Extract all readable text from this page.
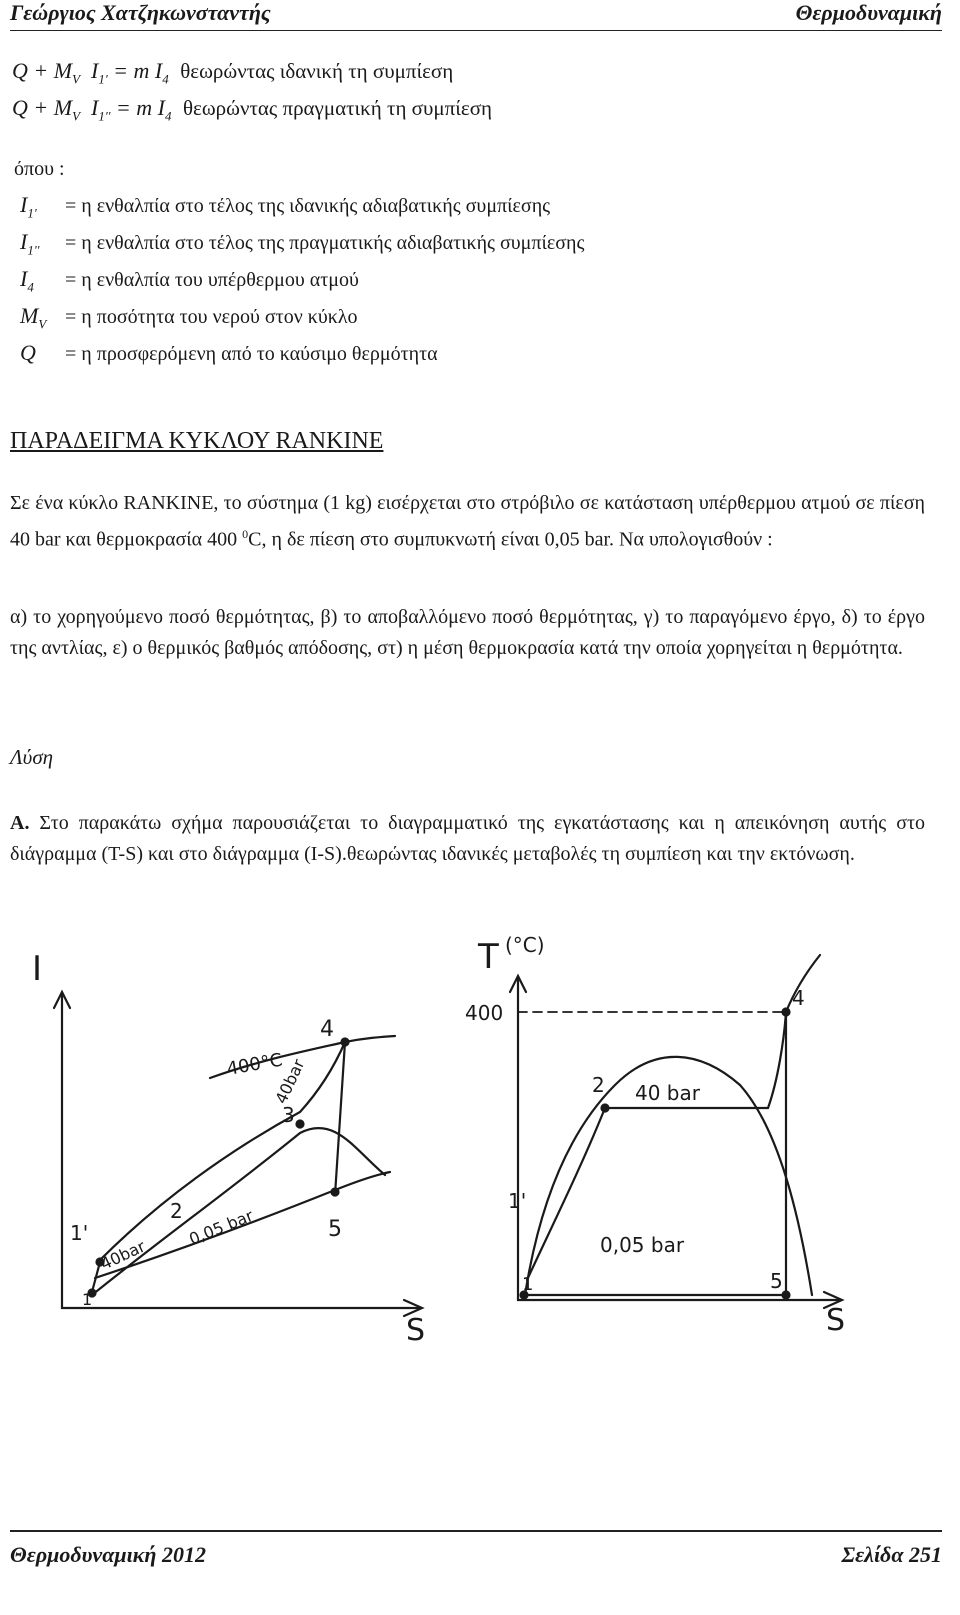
Γεώργιος Χατζηκωνσταντής	Θερμοδυναμική
$Q + M_V$ $I_{1'} = m$ $I_4$ θεωρώντας ιδανική τη συμπίεση
$Q + M_V$ $I_{1''} = m$ $I_4$ θεωρώντας πραγματική τη συμπίεση
όπου :
$I_{1'} = \eta$ ενθαλπία στο τέλος της ιδανικής αδιαβατικής συμπίεσης
$I_{1''} = \eta$ ενθαλπία στο τέλος της πραγματικής αδιαβατικής συμπίεσης
$I_4 = \eta$ ενθαλπία του υπέρθερμου ατμού
$M_V = \eta$ ποσότητα του νερού στον κύκλο
Q = η προσφερόμενη από το καύσιμο θερμότητα
ΠΑΡΑΔΕΙΓΜΑ ΚΥΚΛΟΥ RANKINE
Σε ένα κύκλο RANKINE, το σύστημα (1 kg) εισέρχεται στο στρόβιλο σε κατάσταση υπέρθερμου ατμού σε πίεση 40 bar και θερμοκρασία 400 $^0$C, η δε πίεση στο συμπυκνωτή είναι 0,05 bar. Να υπολογισθούν :
α) το χορηγούμενο ποσό θερμότητας, β) το αποβαλλόμενο ποσό θερμότητας, γ) το παραγόμενο έργο, δ) το έργο της αντλίας, ε) ο θερμικός βαθμός απόδοσης, στ) η μέση θερμοκρασία κατά την οποία χορηγείται η θερμότητα.
Λύση
Α. Στο παρακάτω σχήμα παρουσιάζεται το διαγραμματικό της εγκατάστασης και η απεικόνηση αυτής στο διάγραμμα (T-S) και στο διάγραμμα (I-S).θεωρώντας ιδανικές μεταβολές τη συμπίεση και την εκτόνωση.
I
S
400°C
40bar
40bar
0,05 bar
1
1'
2
3
4
5
T (°C)
400
S
40 bar
0,05 bar
2
1'
1
4
5
Θερμοδυναμική 2012	Σελίδα 251
